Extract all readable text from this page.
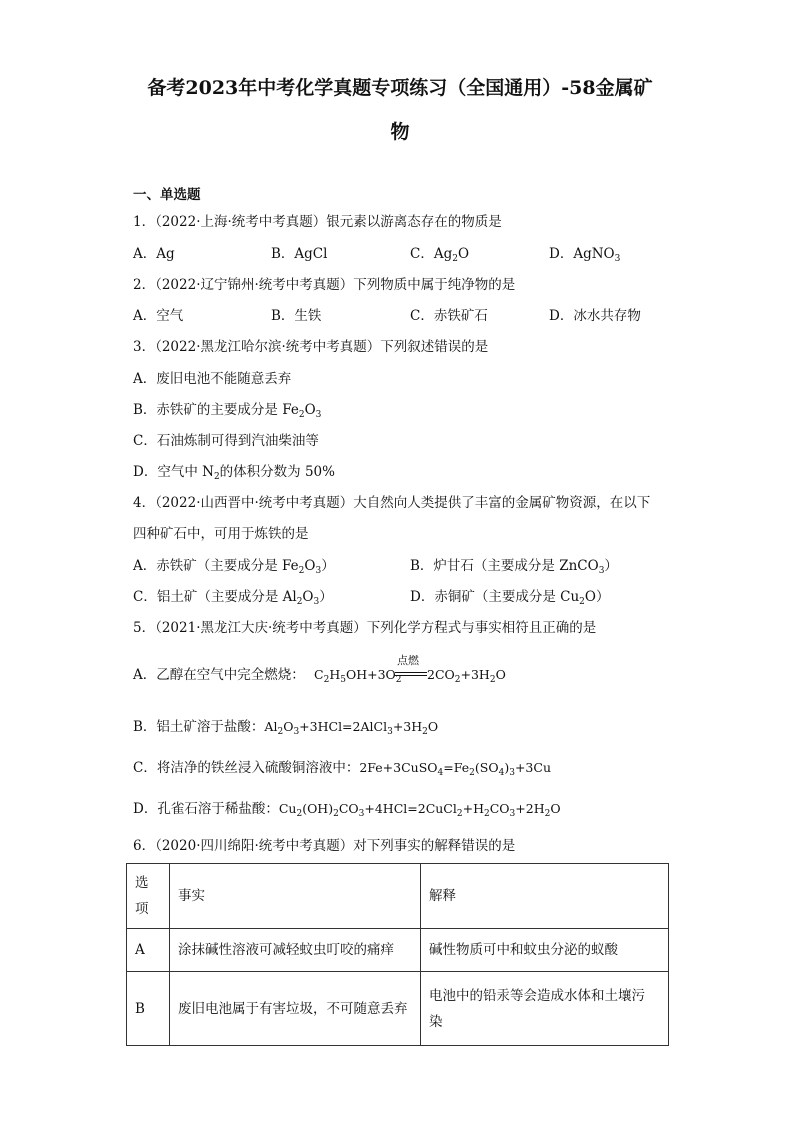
备考2023年中考化学真题专项练习（全国通用）-58金属矿
物
一、单选题
1．（2022·上海·统考中考真题）银元素以游离态存在的物质是
A．Ag	B．AgCl	C．$Ag_2O$	D．AgNO$_3$
2．（2022·辽宁锦州·统考中考真题）下列物质中属于纯净物的是
A．空气	B．生铁	C．赤铁矿石	D．冰水共存物
3．（2022·黑龙江哈尔滨·统考中考真题）下列叙述错误的是
A．废旧电池不能随意丢弃
B．赤铁矿的主要成分是 $Fe_2O_3$
C．石油炼制可得到汽油柴油等
D．空气中 $N_2$的体积分数为 50%
4．（2022·山西晋中·统考中考真题）大自然向人类提供了丰富的金属矿物资源，在以下
四种矿石中，可用于炼铁的是
A．赤铁矿（主要成分是 $Fe_2O_3$）	B．炉甘石（主要成分是 ZnCO$_3$）
C．铝土矿（主要成分是 $Al_2O_3$）	D．赤铜矿（主要成分是 $Cu_2O$）
5．（2021·黑龙江大庆·统考中考真题）下列化学方程式与事实相符且正确的是
A．乙醇在空气中完全燃烧： $C_2H_5OH+3O_2$
点燃
$2CO_2+3H_2O$
B．铝土矿溶于盐酸：$Al_2O_3+3HCl=2AlCl_3+3H_2O$
C．将洁净的铁丝浸入硫酸铜溶液中：$2Fe+3CuSO_4=Fe_2(SO_4)_3+3Cu$
D．孔雀石溶于稀盐酸：$Cu_2(OH)_2CO_3+4HCl=2CuCl_2+H_2CO_3+2H_2O$
6．（2020·四川绵阳·统考中考真题）对下列事实的解释错误的是
选
项	事实	解释
A	涂抹碱性溶液可减轻蚊虫叮咬的痛痒	碱性物质可中和蚊虫分泌的蚁酸
B	废旧电池属于有害垃圾，不可随意丢弃	电池中的铅汞等会造成水体和土壤污
染
